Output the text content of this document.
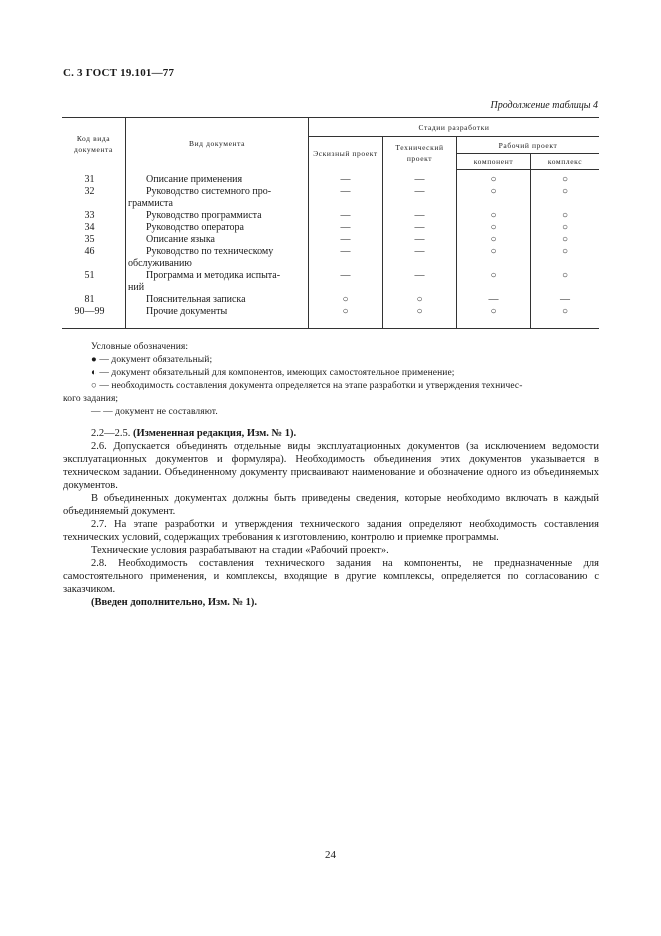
С. 3 ГОСТ 19.101—77
Продолжение таблицы 4
Код вида документа	Вид документа	Стадии разработки			
		Эскизный проект	Технический проект	Рабочий проект	
				компонент	комплекс
31	Описание применения	—	—	○	○
32	Руководство системного про-
граммиста	—	—	○	○
33	Руководство программиста	—	—	○	○
34	Руководство оператора	—	—	○	○
35	Описание языка	—	—	○	○
46	Руководство по техническому
обслуживанию	—	—	○	○
51	Программа и методика испыта-
ний	—	—	○	○
81	Пояснительная записка	○	○	—	—
90—99	Прочие документы	○	○	○	○
Условные обозначения:
● — документ обязательный;
◐ — документ обязательный для компонентов, имеющих самостоятельное применение;
○ — необходимость составления документа определяется на этапе разработки и утверждения техничес-
кого задания;
— — документ не составляют.

2.2—2.5. (Измененная редакция, Изм. № 1).

2.6. Допускается объединять отдельные виды эксплуатационных документов (за исключением ведомости эксплуатационных документов и формуляра). Необходимость объединения этих документов указывается в техническом задании. Объединенному документу присваивают наименование и обозначение одного из объединяемых документов.

В объединенных документах должны быть приведены сведения, которые необходимо включать в каждый объединяемый документ.

2.7. На этапе разработки и утверждения технического задания определяют необходимость составления технических условий, содержащих требования к изготовлению, контролю и приемке программы.

Технические условия разрабатывают на стадии «Рабочий проект».

2.8. Необходимость составления технического задания на компоненты, не предназначенные для самостоятельного применения, и комплексы, входящие в другие комплексы, определяется по согласованию с заказчиком.

(Введен дополнительно, Изм. № 1).

24
